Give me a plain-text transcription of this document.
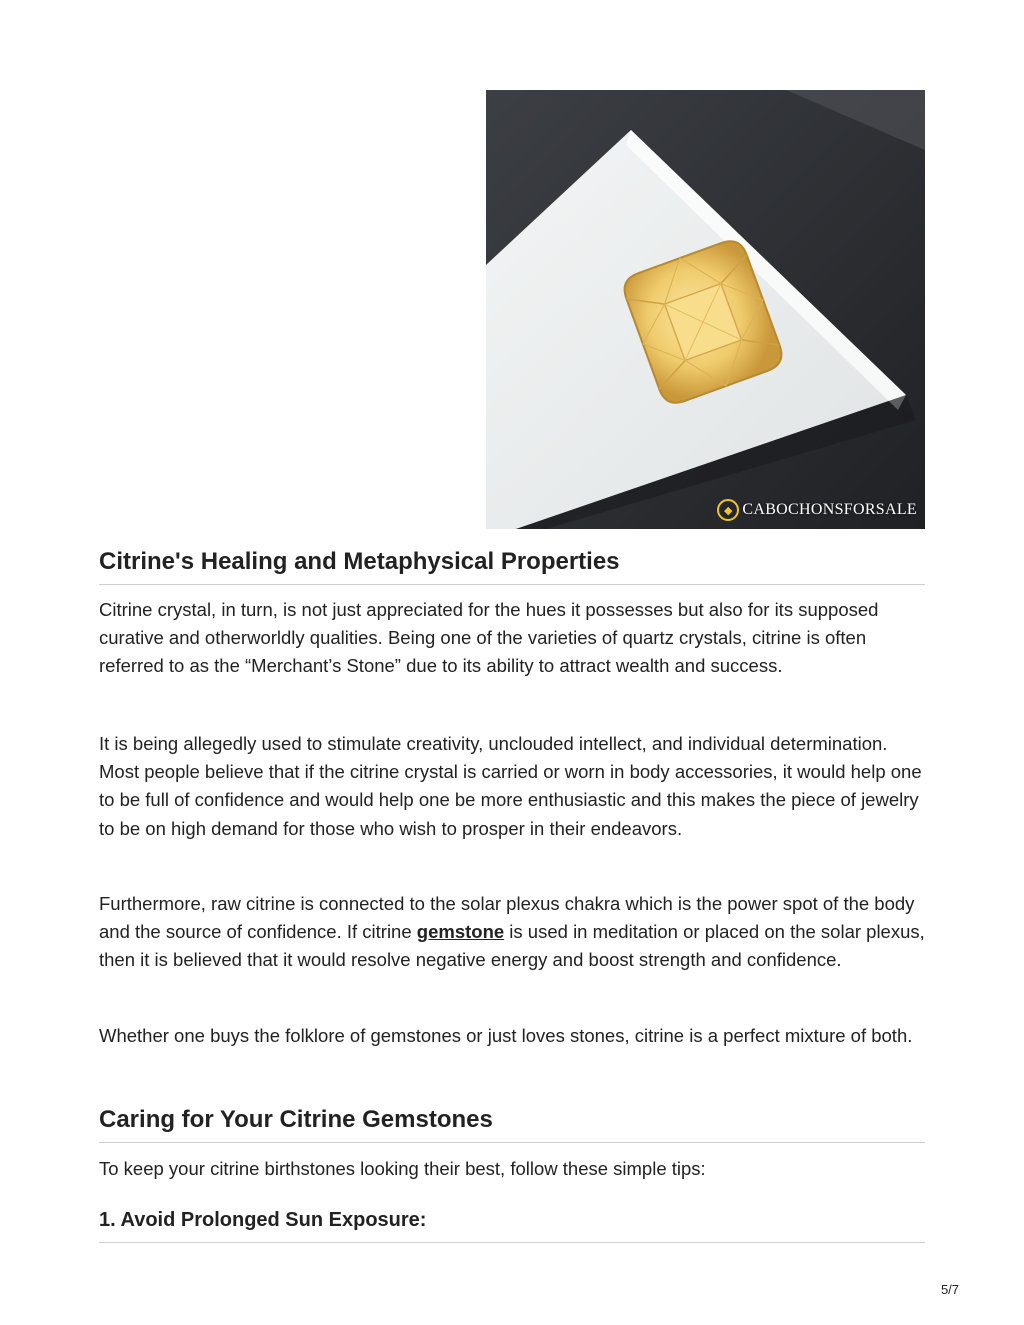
◆ CABOCHONSFORSALE
Citrine's Healing and Metaphysical Properties

Citrine crystal, in turn, is not just appreciated for the hues it possesses but also for its supposed curative and otherworldly qualities. Being one of the varieties of quartz crystals, citrine is often referred to as the “Merchant’s Stone” due to its ability to attract wealth and success.

It is being allegedly used to stimulate creativity, unclouded intellect, and individual determination. Most people believe that if the citrine crystal is carried or worn in body accessories, it would help one to be full of confidence and would help one be more enthusiastic and this makes the piece of jewelry to be on high demand for those who wish to prosper in their endeavors.

Furthermore, raw citrine is connected to the solar plexus chakra which is the power spot of the body and the source of confidence. If citrine gemstone is used in meditation or placed on the solar plexus, then it is believed that it would resolve negative energy and boost strength and confidence.

Whether one buys the folklore of gemstones or just loves stones, citrine is a perfect mixture of both.

Caring for Your Citrine Gemstones

To keep your citrine birthstones looking their best, follow these simple tips:

1. Avoid Prolonged Sun Exposure:
5/7
